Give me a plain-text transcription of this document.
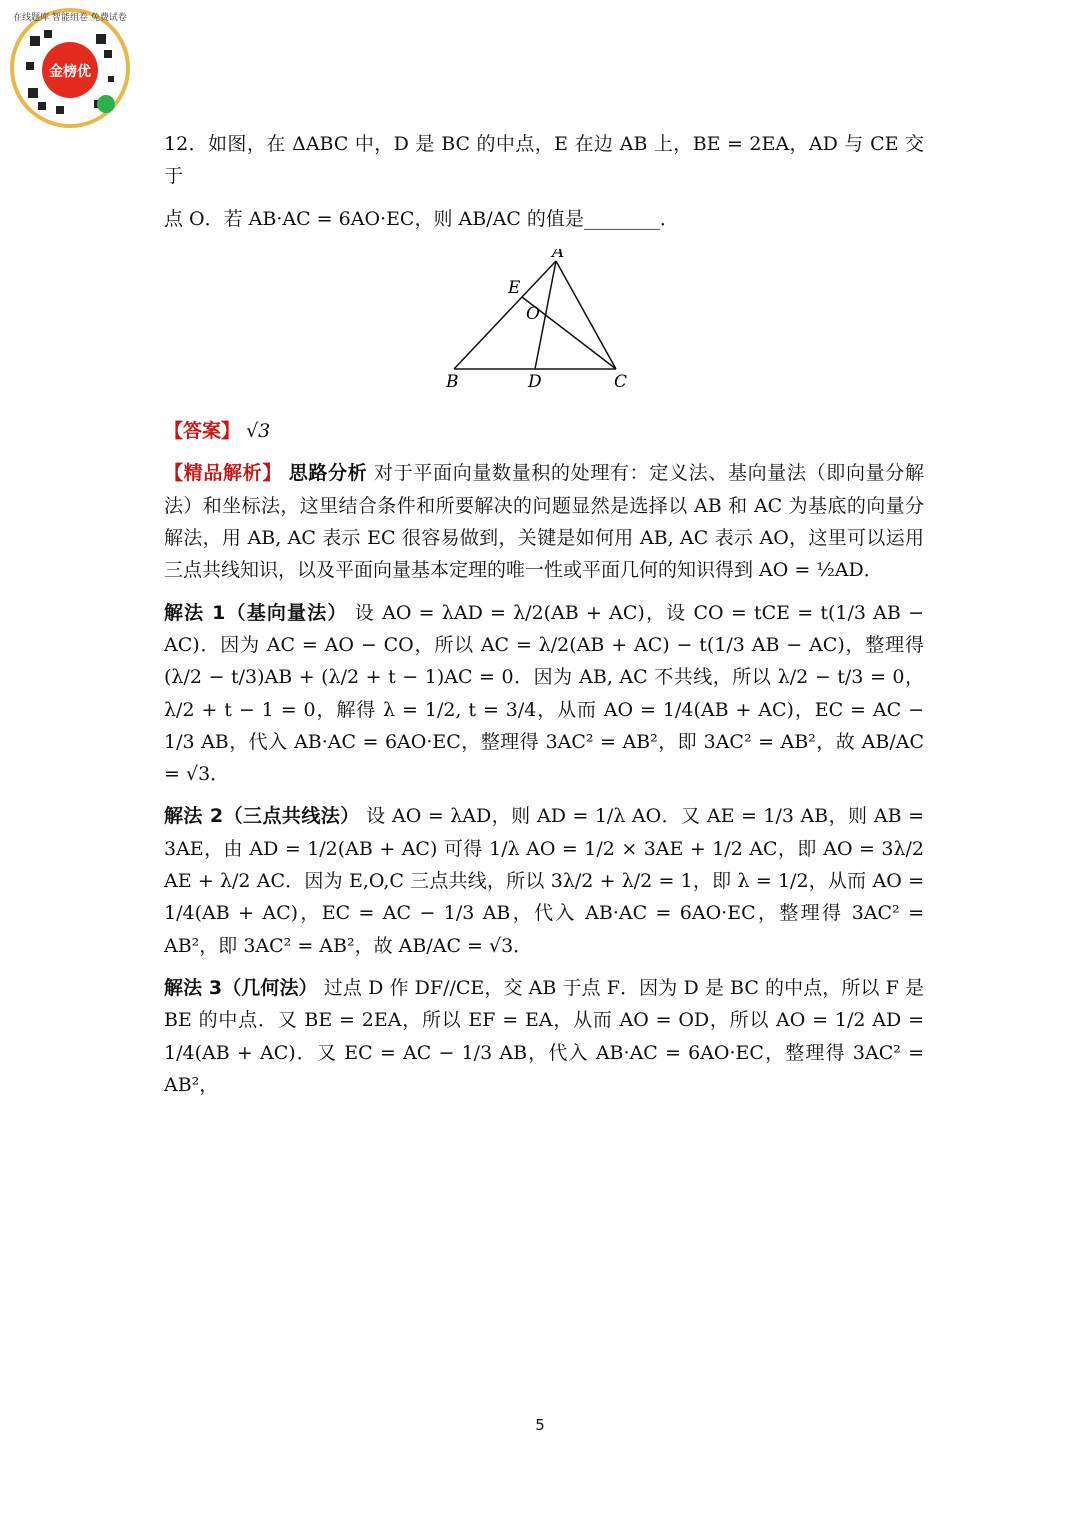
金榜优
在线题库 智能组卷 免费试卷

12．如图，在 ΔABC 中，D 是 BC 的中点，E 在边 AB 上，BE = 2EA，AD 与 CE 交于

点 O．若 AB·AC = 6AO·EC，则 AB/AC 的值是________．

A
B	C
D
E
O

【答案】 √3

【精品解析】 思路分析 对于平面向量数量积的处理有：定义法、基向量法（即向量分解法）和坐标法，这里结合条件和所要解决的问题显然是选择以 AB 和 AC 为基底的向量分解法，用 AB, AC 表示 EC 很容易做到，关键是如何用 AB, AC 表示 AO，这里可以运用三点共线知识，以及平面向量基本定理的唯一性或平面几何的知识得到 AO = ½AD．

解法 1（基向量法） 设 AO = λAD = λ/2(AB + AC)，设 CO = tCE = t(1/3 AB − AC)．因为 AC = AO − CO，所以 AC = λ/2(AB + AC) − t(1/3 AB − AC)，整理得 (λ/2 − t/3)AB + (λ/2 + t − 1)AC = 0．因为 AB, AC 不共线，所以 λ/2 − t/3 = 0，λ/2 + t − 1 = 0，解得 λ = 1/2, t = 3/4，从而 AO = 1/4(AB + AC)，EC = AC − 1/3 AB，代入 AB·AC = 6AO·EC，整理得 3AC² = AB²，即 3AC² = AB²，故 AB/AC = √3．

解法 2（三点共线法） 设 AO = λAD，则 AD = 1/λ AO．又 AE = 1/3 AB，则 AB = 3AE，由 AD = 1/2(AB + AC) 可得 1/λ AO = 1/2 × 3AE + 1/2 AC，即 AO = 3λ/2 AE + λ/2 AC．因为 E,O,C 三点共线，所以 3λ/2 + λ/2 = 1，即 λ = 1/2，从而 AO = 1/4(AB + AC)，EC = AC − 1/3 AB，代入 AB·AC = 6AO·EC，整理得 3AC² = AB²，即 3AC² = AB²，故 AB/AC = √3．

解法 3（几何法） 过点 D 作 DF//CE，交 AB 于点 F．因为 D 是 BC 的中点，所以 F 是 BE 的中点．又 BE = 2EA，所以 EF = EA，从而 AO = OD，所以 AO = 1/2 AD = 1/4(AB + AC)．又 EC = AC − 1/3 AB，代入 AB·AC = 6AO·EC，整理得 3AC² = AB²，

5
